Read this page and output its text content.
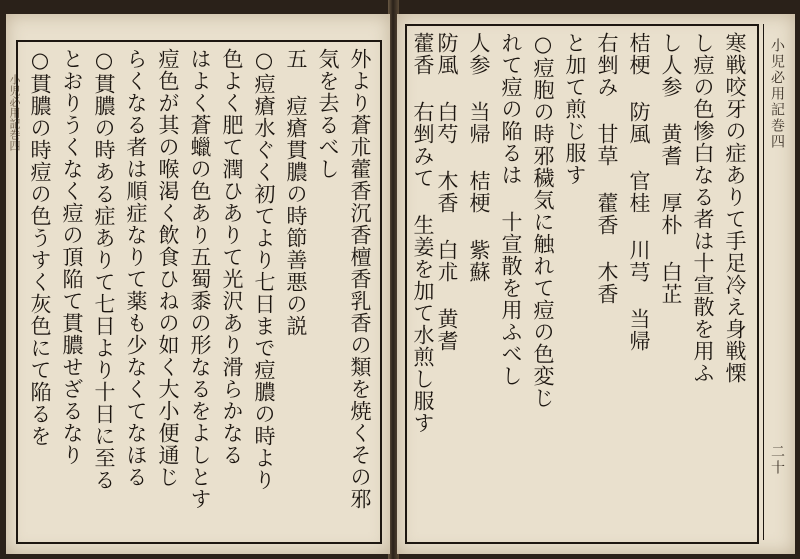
小児必用記巻四	外より蒼朮藿香沉香檀香乳香の類を焼くその邪
気を去るべし
五 痘瘡貫膿の時節善悪の説
○痘瘡水ぐく初てより七日まで痘膿の時より
色よく肥て潤ひありて光沢あり滑らかなる
はよく蒼蠟の色あり五蜀黍の形なるをよしとす
痘色が其の喉渇く飲食ひねの如く大小便通じ
らくなる者は順症なりて薬も少なくてなほる
○貫膿の時ある症ありて七日より十日に至る
とおりうくなく痘の頂陥て貫膿せざるなり
○貫膿の時痘の色うすく灰色にて陥るを	寒戦咬牙の症ありて手足冷え身戦慄
し痘の色惨白なる者は十宣散を用ふ
し人参 黄耆 厚朴 白芷
桔梗 防風 官桂 川芎 当帰
右剉み 甘草 藿香 木香
と加て煎じ服す
○痘胞の時邪穢気に触れて痘の色変じ
れて痘の陥るは 十宣散を用ふべし
人参 当帰 桔梗 紫蘇
防風 白芍 木香 白朮 黄耆
藿香 右剉みて 生姜を加て水煎し服す	小児必用記巻四
二十
